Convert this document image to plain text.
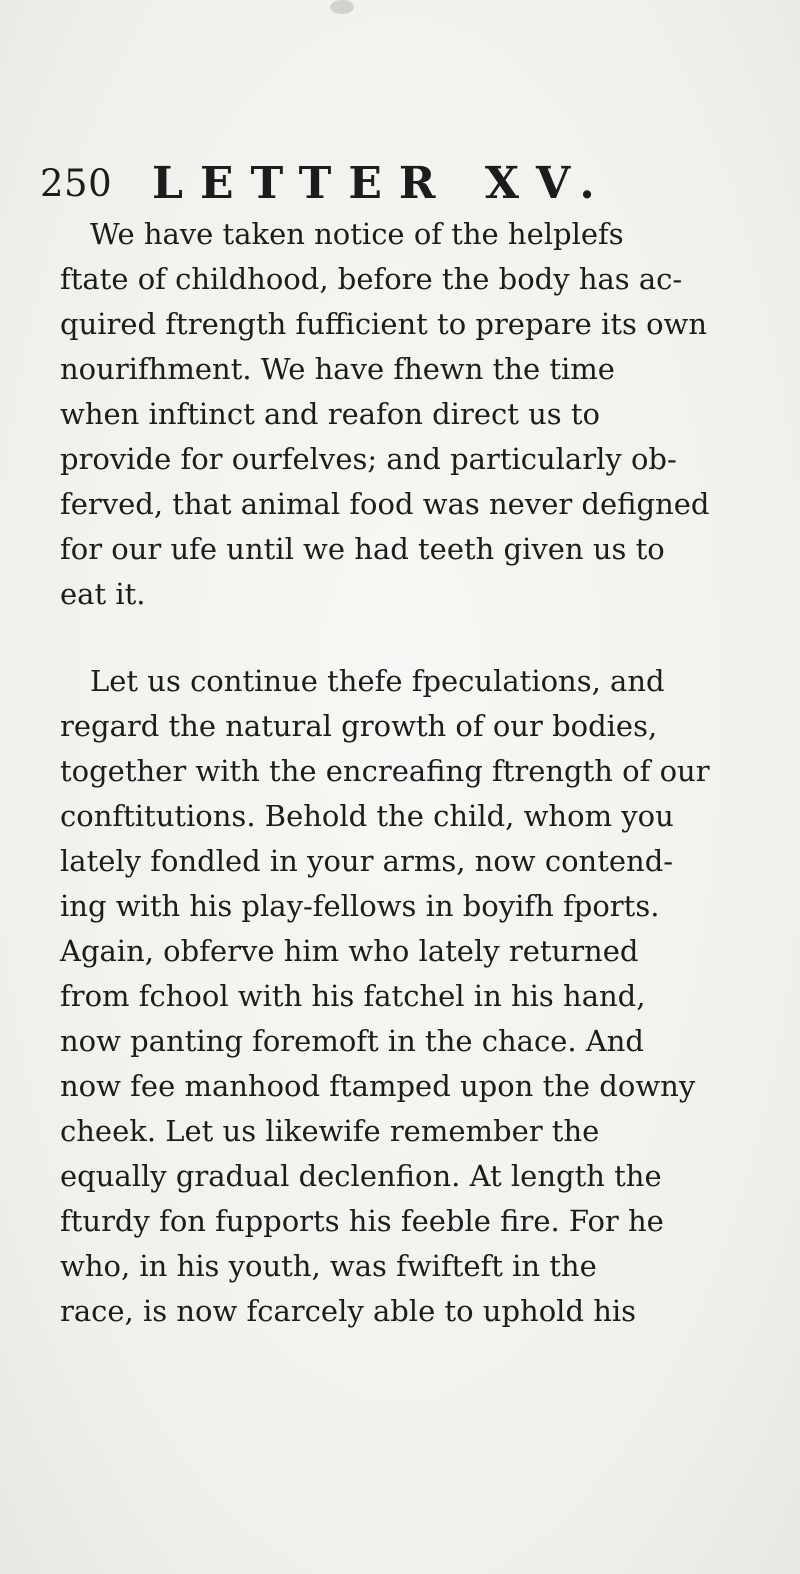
250 LETTER XV.
We have taken notice of the helplefs
ftate of childhood, before the body has ac-
quired ftrength fufficient to prepare its own
nourifhment. We have fhewn the time
when inftinct and reafon direct us to
provide for ourfelves; and particularly ob-
ferved, that animal food was never defigned
for our ufe until we had teeth given us to
eat it.
Let us continue thefe fpeculations, and
regard the natural growth of our bodies,
together with the encreafing ftrength of our
conftitutions. Behold the child, whom you
lately fondled in your arms, now contend-
ing with his play-fellows in boyifh fports.
Again, obferve him who lately returned
from fchool with his fatchel in his hand,
now panting foremoft in the chace. And
now fee manhood ftamped upon the downy
cheek. Let us likewife remember the
equally gradual declenfion. At length the
fturdy fon fupports his feeble fire. For he
who, in his youth, was fwifteft in the
race, is now fcarcely able to uphold his
